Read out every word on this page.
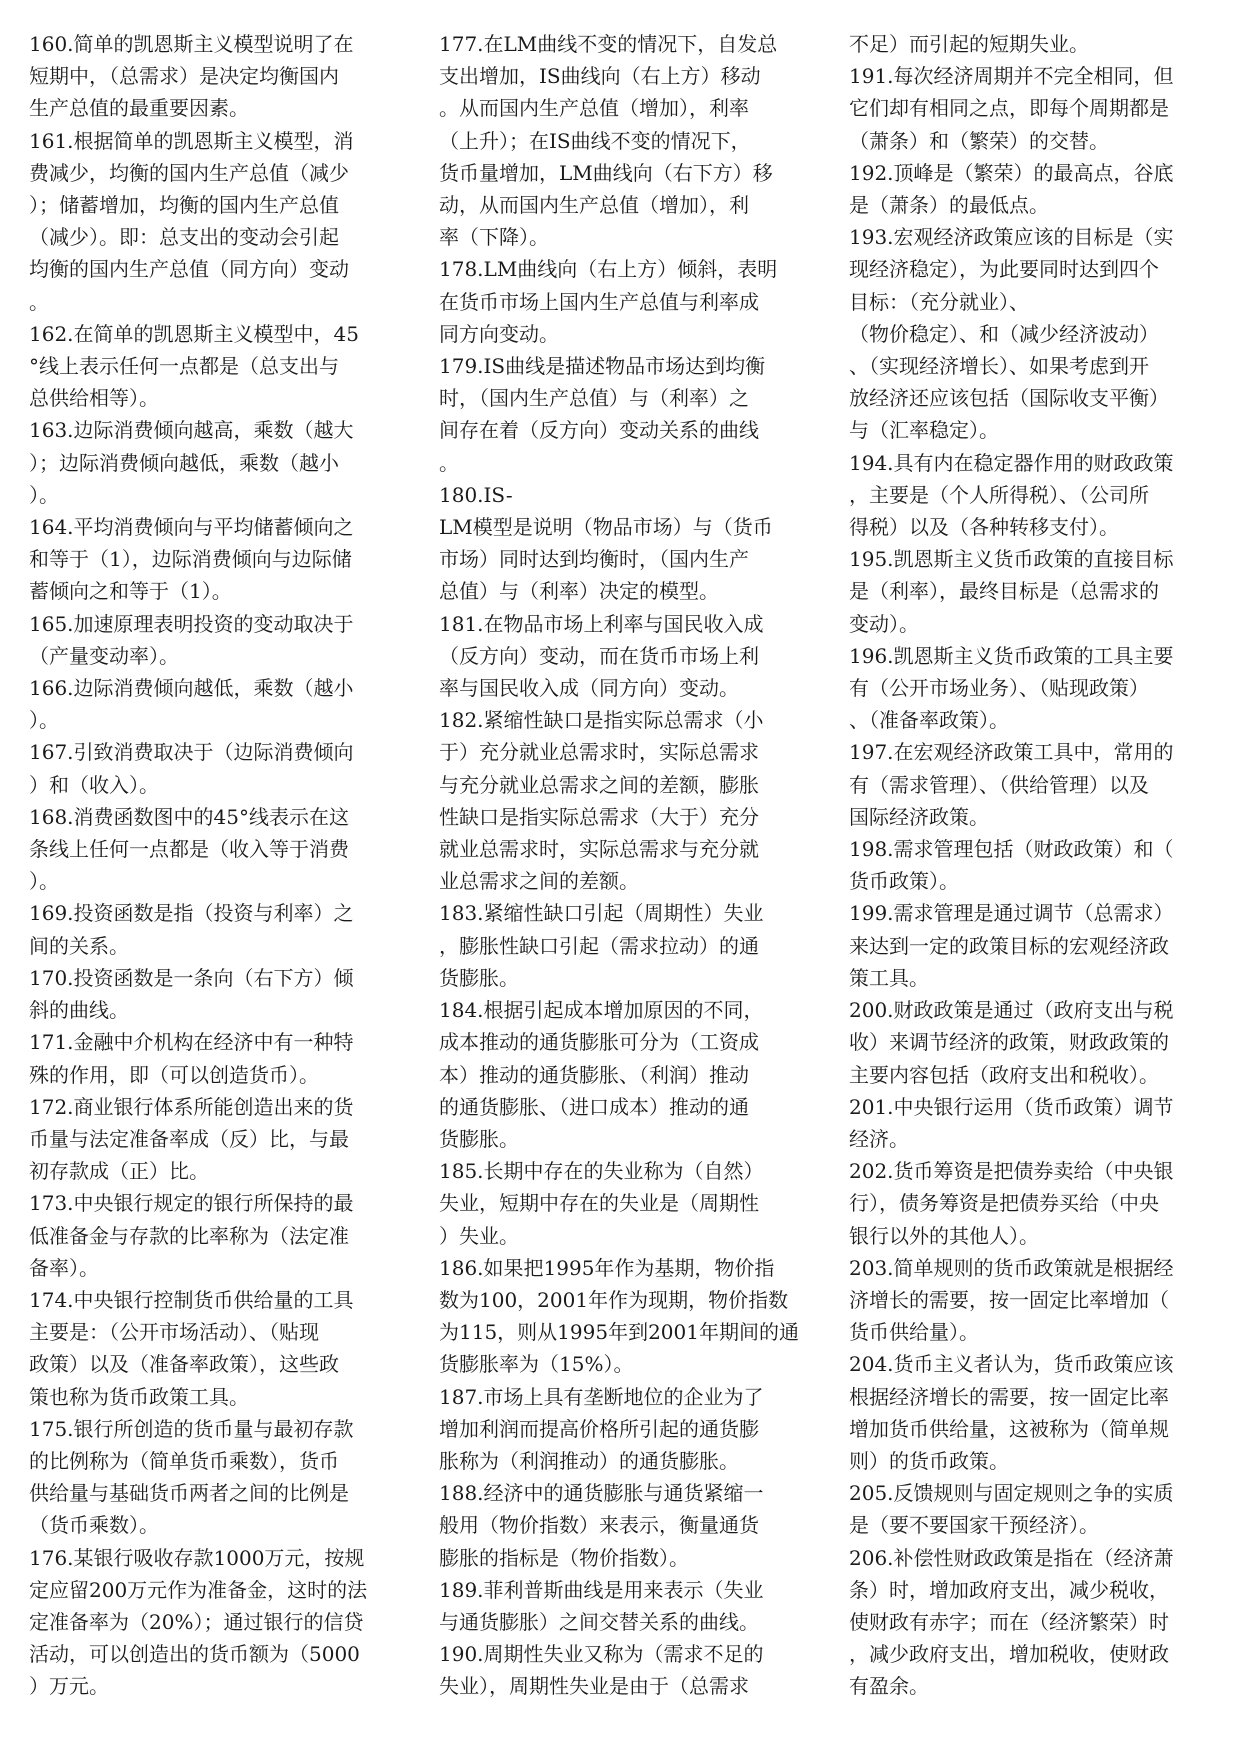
160.简单的凯恩斯主义模型说明了在
短期中，（总需求）是决定均衡国内
生产总值的最重要因素。
161.根据简单的凯恩斯主义模型，消
费减少，均衡的国内生产总值（减少
）；储蓄增加，均衡的国内生产总值
（减少）。即：总支出的变动会引起
均衡的国内生产总值（同方向）变动
。
162.在简单的凯恩斯主义模型中，45
°线上表示任何一点都是（总支出与
总供给相等）。
163.边际消费倾向越高，乘数（越大
）；边际消费倾向越低，乘数（越小
）。
164.平均消费倾向与平均储蓄倾向之
和等于（1），边际消费倾向与边际储
蓄倾向之和等于（1）。
165.加速原理表明投资的变动取决于
（产量变动率）。
166.边际消费倾向越低，乘数（越小
）。
167.引致消费取决于（边际消费倾向
）和（收入）。
168.消费函数图中的45°线表示在这
条线上任何一点都是（收入等于消费
）。
169.投资函数是指（投资与利率）之
间的关系。
170.投资函数是一条向（右下方）倾
斜的曲线。
171.金融中介机构在经济中有一种特
殊的作用，即（可以创造货币）。
172.商业银行体系所能创造出来的货
币量与法定准备率成（反）比，与最
初存款成（正）比。
173.中央银行规定的银行所保持的最
低准备金与存款的比率称为（法定准
备率）。
174.中央银行控制货币供给量的工具
主要是：（公开市场活动）、（贴现
政策）以及（准备率政策），这些政
策也称为货币政策工具。
175.银行所创造的货币量与最初存款
的比例称为（简单货币乘数），货币
供给量与基础货币两者之间的比例是
（货币乘数）。
176.某银行吸收存款1000万元，按规
定应留200万元作为准备金，这时的法
定准备率为（20%）；通过银行的信贷
活动，可以创造出的货币额为（5000
）万元。
177.在LM曲线不变的情况下，自发总
支出增加，IS曲线向（右上方）移动
。从而国内生产总值（增加），利率
（上升）；在IS曲线不变的情况下，
货币量增加，LM曲线向（右下方）移
动，从而国内生产总值（增加），利
率（下降）。
178.LM曲线向（右上方）倾斜，表明
在货币市场上国内生产总值与利率成
同方向变动。
179.IS曲线是描述物品市场达到均衡
时，（国内生产总值）与（利率）之
间存在着（反方向）变动关系的曲线
。
180.IS-
LM模型是说明（物品市场）与（货币
市场）同时达到均衡时，（国内生产
总值）与（利率）决定的模型。
181.在物品市场上利率与国民收入成
（反方向）变动，而在货币市场上利
率与国民收入成（同方向）变动。
182.紧缩性缺口是指实际总需求（小
于）充分就业总需求时，实际总需求
与充分就业总需求之间的差额，膨胀
性缺口是指实际总需求（大于）充分
就业总需求时，实际总需求与充分就
业总需求之间的差额。
183.紧缩性缺口引起（周期性）失业
，膨胀性缺口引起（需求拉动）的通
货膨胀。
184.根据引起成本增加原因的不同，
成本推动的通货膨胀可分为（工资成
本）推动的通货膨胀、（利润）推动
的通货膨胀、（进口成本）推动的通
货膨胀。
185.长期中存在的失业称为（自然）
失业，短期中存在的失业是（周期性
）失业。
186.如果把1995年作为基期，物价指
数为100，2001年作为现期，物价指数
为115，则从1995年到2001年期间的通
货膨胀率为（15%）。
187.市场上具有垄断地位的企业为了
增加利润而提高价格所引起的通货膨
胀称为（利润推动）的通货膨胀。
188.经济中的通货膨胀与通货紧缩一
般用（物价指数）来表示，衡量通货
膨胀的指标是（物价指数）。
189.菲利普斯曲线是用来表示（失业
与通货膨胀）之间交替关系的曲线。
190.周期性失业又称为（需求不足的
失业），周期性失业是由于（总需求
不足）而引起的短期失业。
191.每次经济周期并不完全相同，但
它们却有相同之点，即每个周期都是
（萧条）和（繁荣）的交替。
192.顶峰是（繁荣）的最高点，谷底
是（萧条）的最低点。
193.宏观经济政策应该的目标是（实
现经济稳定），为此要同时达到四个
目标：（充分就业）、
（物价稳定）、和（减少经济波动）
、（实现经济增长）、如果考虑到开
放经济还应该包括（国际收支平衡）
与（汇率稳定）。
194.具有内在稳定器作用的财政政策
，主要是（个人所得税）、（公司所
得税）以及（各种转移支付）。
195.凯恩斯主义货币政策的直接目标
是（利率），最终目标是（总需求的
变动）。
196.凯恩斯主义货币政策的工具主要
有（公开市场业务）、（贴现政策）
、（准备率政策）。
197.在宏观经济政策工具中，常用的
有（需求管理）、（供给管理）以及
国际经济政策。
198.需求管理包括（财政政策）和（
货币政策）。
199.需求管理是通过调节（总需求）
来达到一定的政策目标的宏观经济政
策工具。
200.财政政策是通过（政府支出与税
收）来调节经济的政策，财政政策的
主要内容包括（政府支出和税收）。
201.中央银行运用（货币政策）调节
经济。
202.货币筹资是把债券卖给（中央银
行），债务筹资是把债券买给（中央
银行以外的其他人）。
203.简单规则的货币政策就是根据经
济增长的需要，按一固定比率增加（
货币供给量）。
204.货币主义者认为，货币政策应该
根据经济增长的需要，按一固定比率
增加货币供给量，这被称为（简单规
则）的货币政策。
205.反馈规则与固定规则之争的实质
是（要不要国家干预经济）。
206.补偿性财政政策是指在（经济萧
条）时，增加政府支出，减少税收，
使财政有赤字；而在（经济繁荣）时
，减少政府支出，增加税收，使财政
有盈余。
